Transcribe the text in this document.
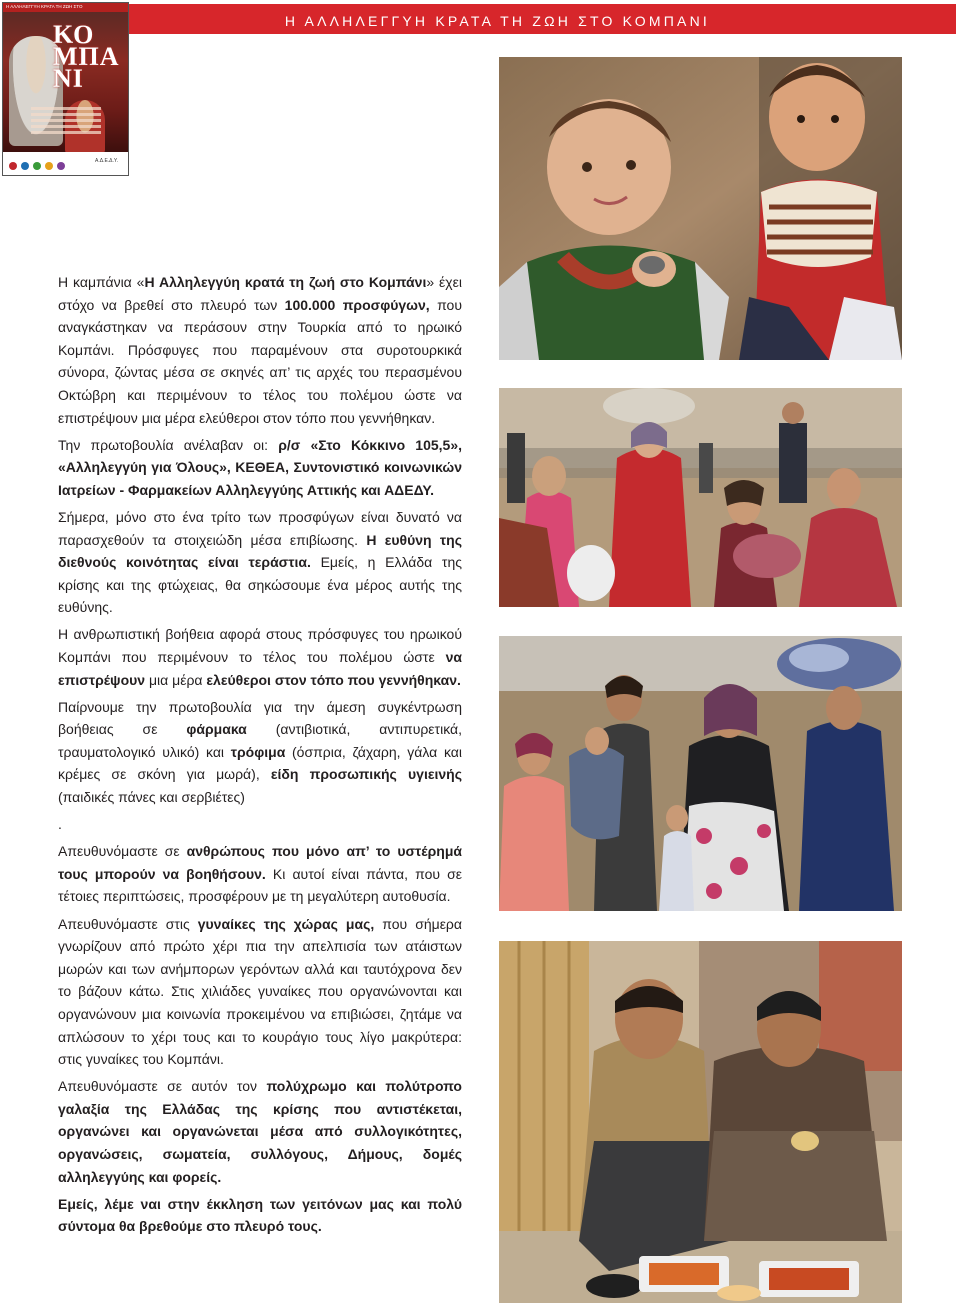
Η ΑΛΛΗΛΕΓΓΥΗ ΚΡΑΤΑ ΤΗ ΖΩΗ ΣΤΟ ΚΟΜΠΑΝΙ
Η ΑΛΛΗΛΕΓΓΥΗ ΚΡΑΤΑ ΤΗ ΖΩΗ ΣΤΟ
ΚΟ
ΜΠΑ
ΝΙ
Α.Δ.Ε.Δ.Υ.

Η καμπάνια «Η Αλληλεγγύη κρατά τη ζωή στο Κομπάνι» έχει στόχο να βρεθεί στο πλευρό των 100.000 προσφύγων, που αναγκάστηκαν να περάσουν στην Τουρκία από το ηρωικό Κομπάνι. Πρόσφυγες που παραμένουν στα συροτουρκικά σύνορα, ζώντας μέσα σε σκηνές απ’ τις αρχές του περασμένου Οκτώβρη και περιμένουν το τέλος του πολέμου ώστε να επιστρέψουν μια μέρα ελεύθεροι στον τόπο που γεννήθηκαν.

Την πρωτοβουλία ανέλαβαν οι: ρ/σ «Στο Κόκκινο 105,5», «Αλληλεγγύη για Όλους», ΚΕΘΕΑ, Συντονιστικό κοινωνικών Ιατρείων - Φαρμακείων Αλληλεγγύης Αττικής και ΑΔΕΔΥ.

Σήμερα, μόνο στο ένα τρίτο των προσφύγων είναι δυνατό να παρασχεθούν τα στοιχειώδη μέσα επιβίωσης. Η ευθύνη της διεθνούς κοινότητας είναι τεράστια. Εμείς, η Ελλάδα της κρίσης και της φτώχειας, θα σηκώσουμε ένα μέρος αυτής της ευθύνης.

Η ανθρωπιστική βοήθεια αφορά στους πρόσφυγες του ηρωικού Κομπάνι που περιμένουν το τέλος του πολέμου ώστε να επιστρέψουν μια μέρα ελεύθεροι στον τόπο που γεννήθηκαν.

Παίρνουμε την πρωτοβουλία για την άμεση συγκέντρωση βοήθειας σε φάρμακα (αντιβιοτικά, αντιπυρετικά, τραυματολογικό υλικό) και τρόφιμα (όσπρια, ζάχαρη, γάλα και κρέμες σε σκόνη για μωρά), είδη προσωπικής υγιεινής (παιδικές πάνες και σερβιέτες)

.

Απευθυνόμαστε σε ανθρώπους που μόνο απ’ το υστέρημά τους μπορούν να βοηθήσουν. Κι αυτοί είναι πάντα, που σε τέτοιες περιπτώσεις, προσφέρουν με τη μεγαλύτερη αυτοθυσία.

Απευθυνόμαστε στις γυναίκες της χώρας μας, που σήμερα γνωρίζουν από πρώτο χέρι πια την απελπισία των ατάιστων μωρών και των ανήμπορων γερόντων αλλά και ταυτόχρονα δεν το βάζουν κάτω. Στις χιλιάδες γυναίκες που οργανώνονται και οργανώνουν μια κοινωνία προκειμένου να επιβιώσει, ζητάμε να απλώσουν το χέρι τους και το κουράγιο τους λίγο μακρύτερα: στις γυναίκες του Κομπάνι.

Απευθυνόμαστε σε αυτόν τον πολύχρωμο και πολύτροπο γαλαξία της Ελλάδας της κρίσης που αντιστέκεται, οργανώνει και οργανώνεται μέσα από συλλογικότητες, οργανώσεις, σωματεία, συλλόγους, Δήμους, δομές αλληλεγγύης και φορείς.

Εμείς, λέμε ναι στην έκκληση των γειτόνων μας και πολύ σύντομα θα βρεθούμε στο πλευρό τους.
